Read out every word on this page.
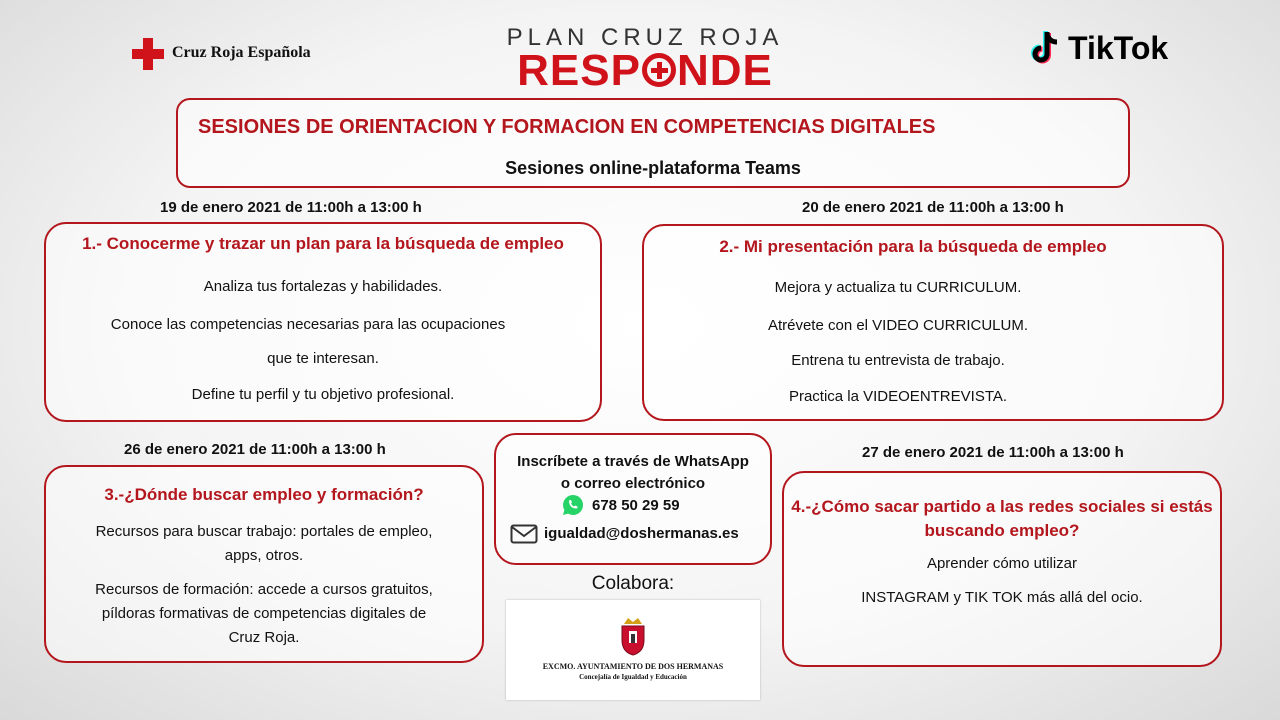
Cruz Roja Española
PLAN CRUZ ROJA
RESP NDE	TikTok
SESIONES DE ORIENTACION Y FORMACION EN COMPETENCIAS DIGITALES
Sesiones online-plataforma Teams
19 de enero 2021 de 11:00h a 13:00 h
1.- Conocerme y trazar un plan para la búsqueda de empleo
Analiza tus fortalezas y habilidades.
Conoce las competencias necesarias para las ocupaciones
que te interesan.
Define tu perfil y tu objetivo profesional.
20 de enero 2021 de 11:00h a 13:00 h
2.- Mi presentación para la búsqueda de empleo
Mejora y actualiza tu CURRICULUM.
Atrévete con el VIDEO CURRICULUM.
Entrena tu entrevista de trabajo.
Practica la VIDEOENTREVISTA.
26 de enero 2021 de 11:00h a 13:00 h
3.-¿Dónde buscar empleo y formación?
Recursos para buscar trabajo: portales de empleo,
apps, otros.
Recursos de formación: accede a cursos gratuitos,
píldoras formativas de competencias digitales de
Cruz Roja.
27 de enero 2021 de 11:00h a 13:00 h
4.-¿Cómo sacar partido a las redes sociales si estás
buscando empleo?
Aprender cómo utilizar
INSTAGRAM y TIK TOK más allá del ocio.
Inscríbete a través de WhatsApp
o correo electrónico
678 50 29 59
igualdad@doshermanas.es
Colabora:
EXCMO. AYUNTAMIENTO DE DOS HERMANAS
Concejalía de Igualdad y Educación
